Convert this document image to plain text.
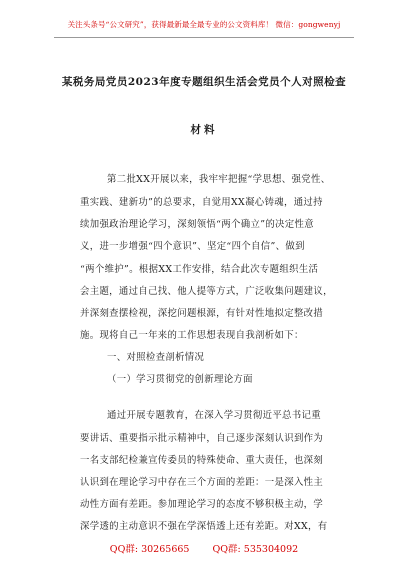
关注头条号“公文研究”，获得最新最全最专业的公文资料库！ 微信：gongwenyj
某税务局党员2023年度专题组织生活会党员个人对照检查
材料
第二批XX开展以来，我牢牢把握“学思想、强党性、
重实践、建新功”的总要求，自觉用XX凝心铸魂，通过持
续加强政治理论学习，深刻领悟“两个确立”的决定性意
义，进一步增强“四个意识”、坚定“四个自信”、做到
“两个维护”。根据XX工作安排，结合此次专题组织生活
会主题，通过自己找、他人提等方式，广泛收集问题建议，
并深刻查摆检视，深挖问题根源，有针对性地拟定整改措
施。现将自己一年来的工作思想表现自我剖析如下：
一、对照检查剖析情况
（一）学习贯彻党的创新理论方面
通过开展专题教育，在深入学习贯彻近平总书记重
要讲话、重要指示批示精神中，自己逐步深刻认识到作为
一名支部纪检兼宣传委员的特殊使命、重大责任，也深刻
认识到在理论学习中存在三个方面的差距：一是深入性主
动性方面有差距。参加理论学习的态度不够积极主动，学
深学透的主动意识不强在学深悟透上还有差距。对XX，有
QQ群: 30265665 QQ群: 535304092
